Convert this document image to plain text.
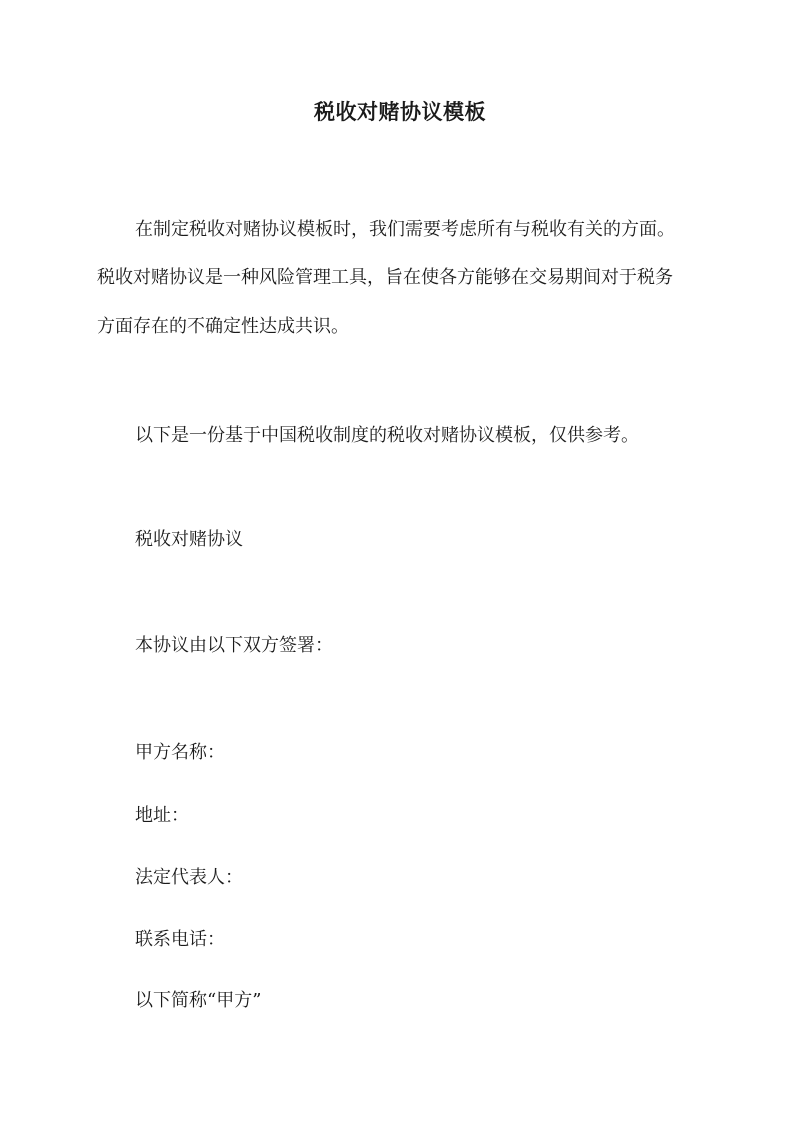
税收对赌协议模板

在制定税收对赌协议模板时，我们需要考虑所有与税收有关的方面。

税收对赌协议是一种风险管理工具，旨在使各方能够在交易期间对于税务

方面存在的不确定性达成共识。

以下是一份基于中国税收制度的税收对赌协议模板，仅供参考。

税收对赌协议

本协议由以下双方签署：

甲方名称：

地址：

法定代表人：

联系电话：

以下简称“甲方”
